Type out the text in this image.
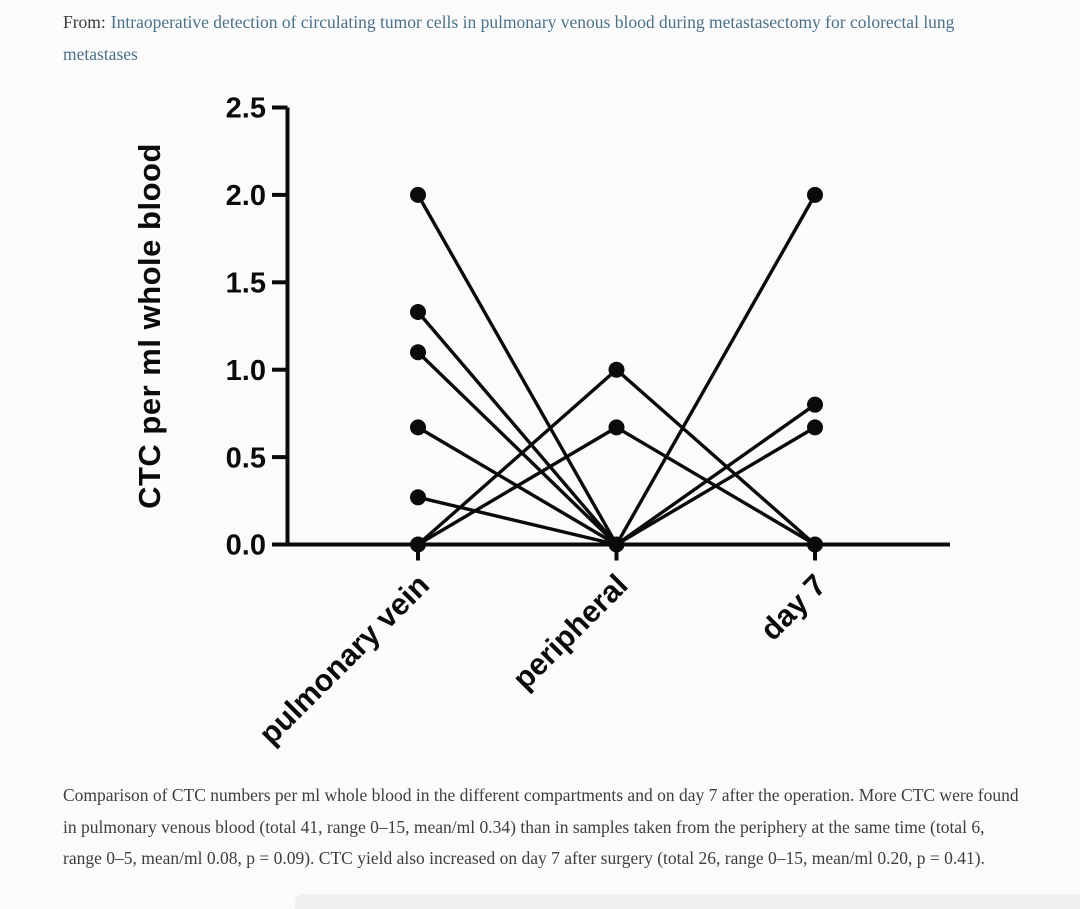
From: Intraoperative detection of circulating tumor cells in pulmonary venous blood during metastasectomy for colorectal lung metastases
0.0
0.5
1.0
1.5
2.0
2.5
pulmonary vein peripheral	day 7
CTC per ml whole blood

Comparison of CTC numbers per ml whole blood in the different compartments and on day 7 after the operation. More CTC were found in pulmonary venous blood (total 41, range 0–15, mean/ml 0.34) than in samples taken from the periphery at the same time (total 6, range 0–5, mean/ml 0.08, p = 0.09). CTC yield also increased on day 7 after surgery (total 26, range 0–15, mean/ml 0.20, p = 0.41).
